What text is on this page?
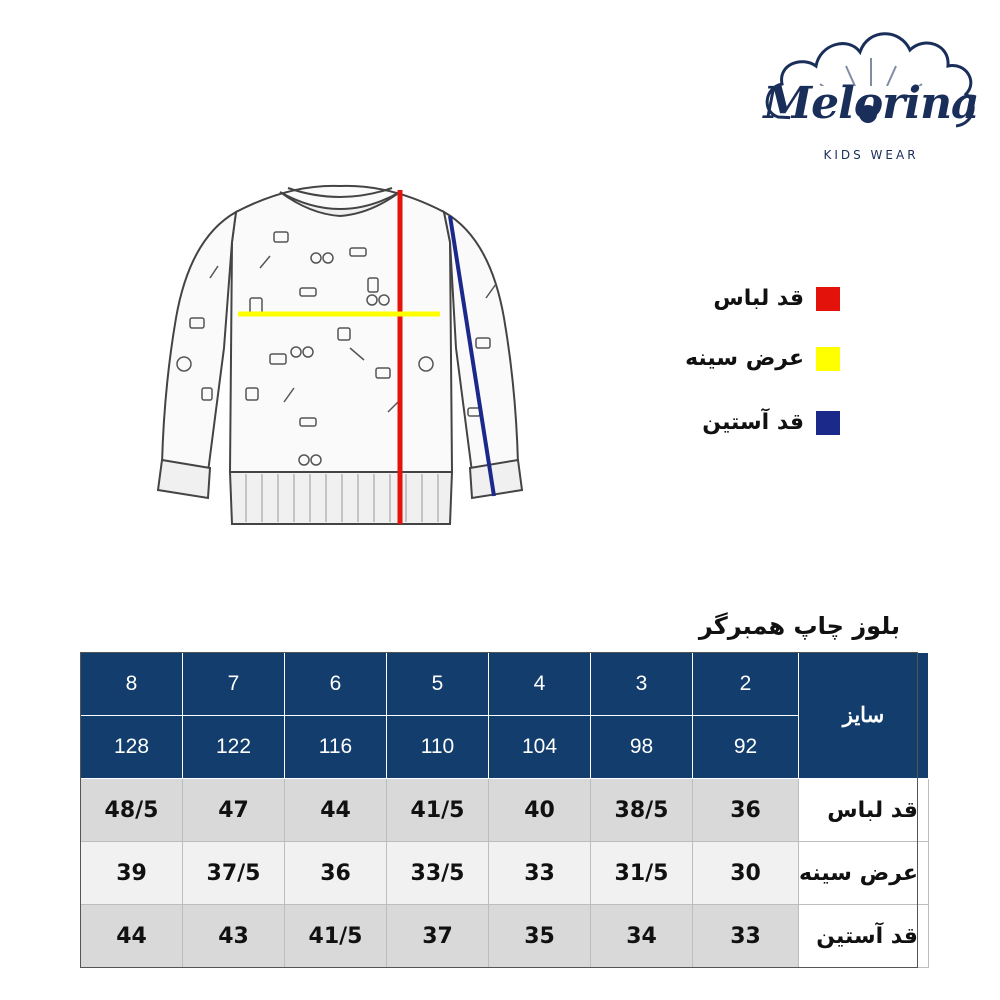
Melorina
KIDS WEAR
قد لباس
عرض سینه
قد آستین
بلوز چاپ همبرگر
8	7	6	5	4	3	2	سایز
128	122	116	110	104	98	92	
48/5	47	44	41/5	40	38/5	36	قد لباس
39	37/5	36	33/5	33	31/5	30	عرض سینه
44	43	41/5	37	35	34	33	قد آستین
